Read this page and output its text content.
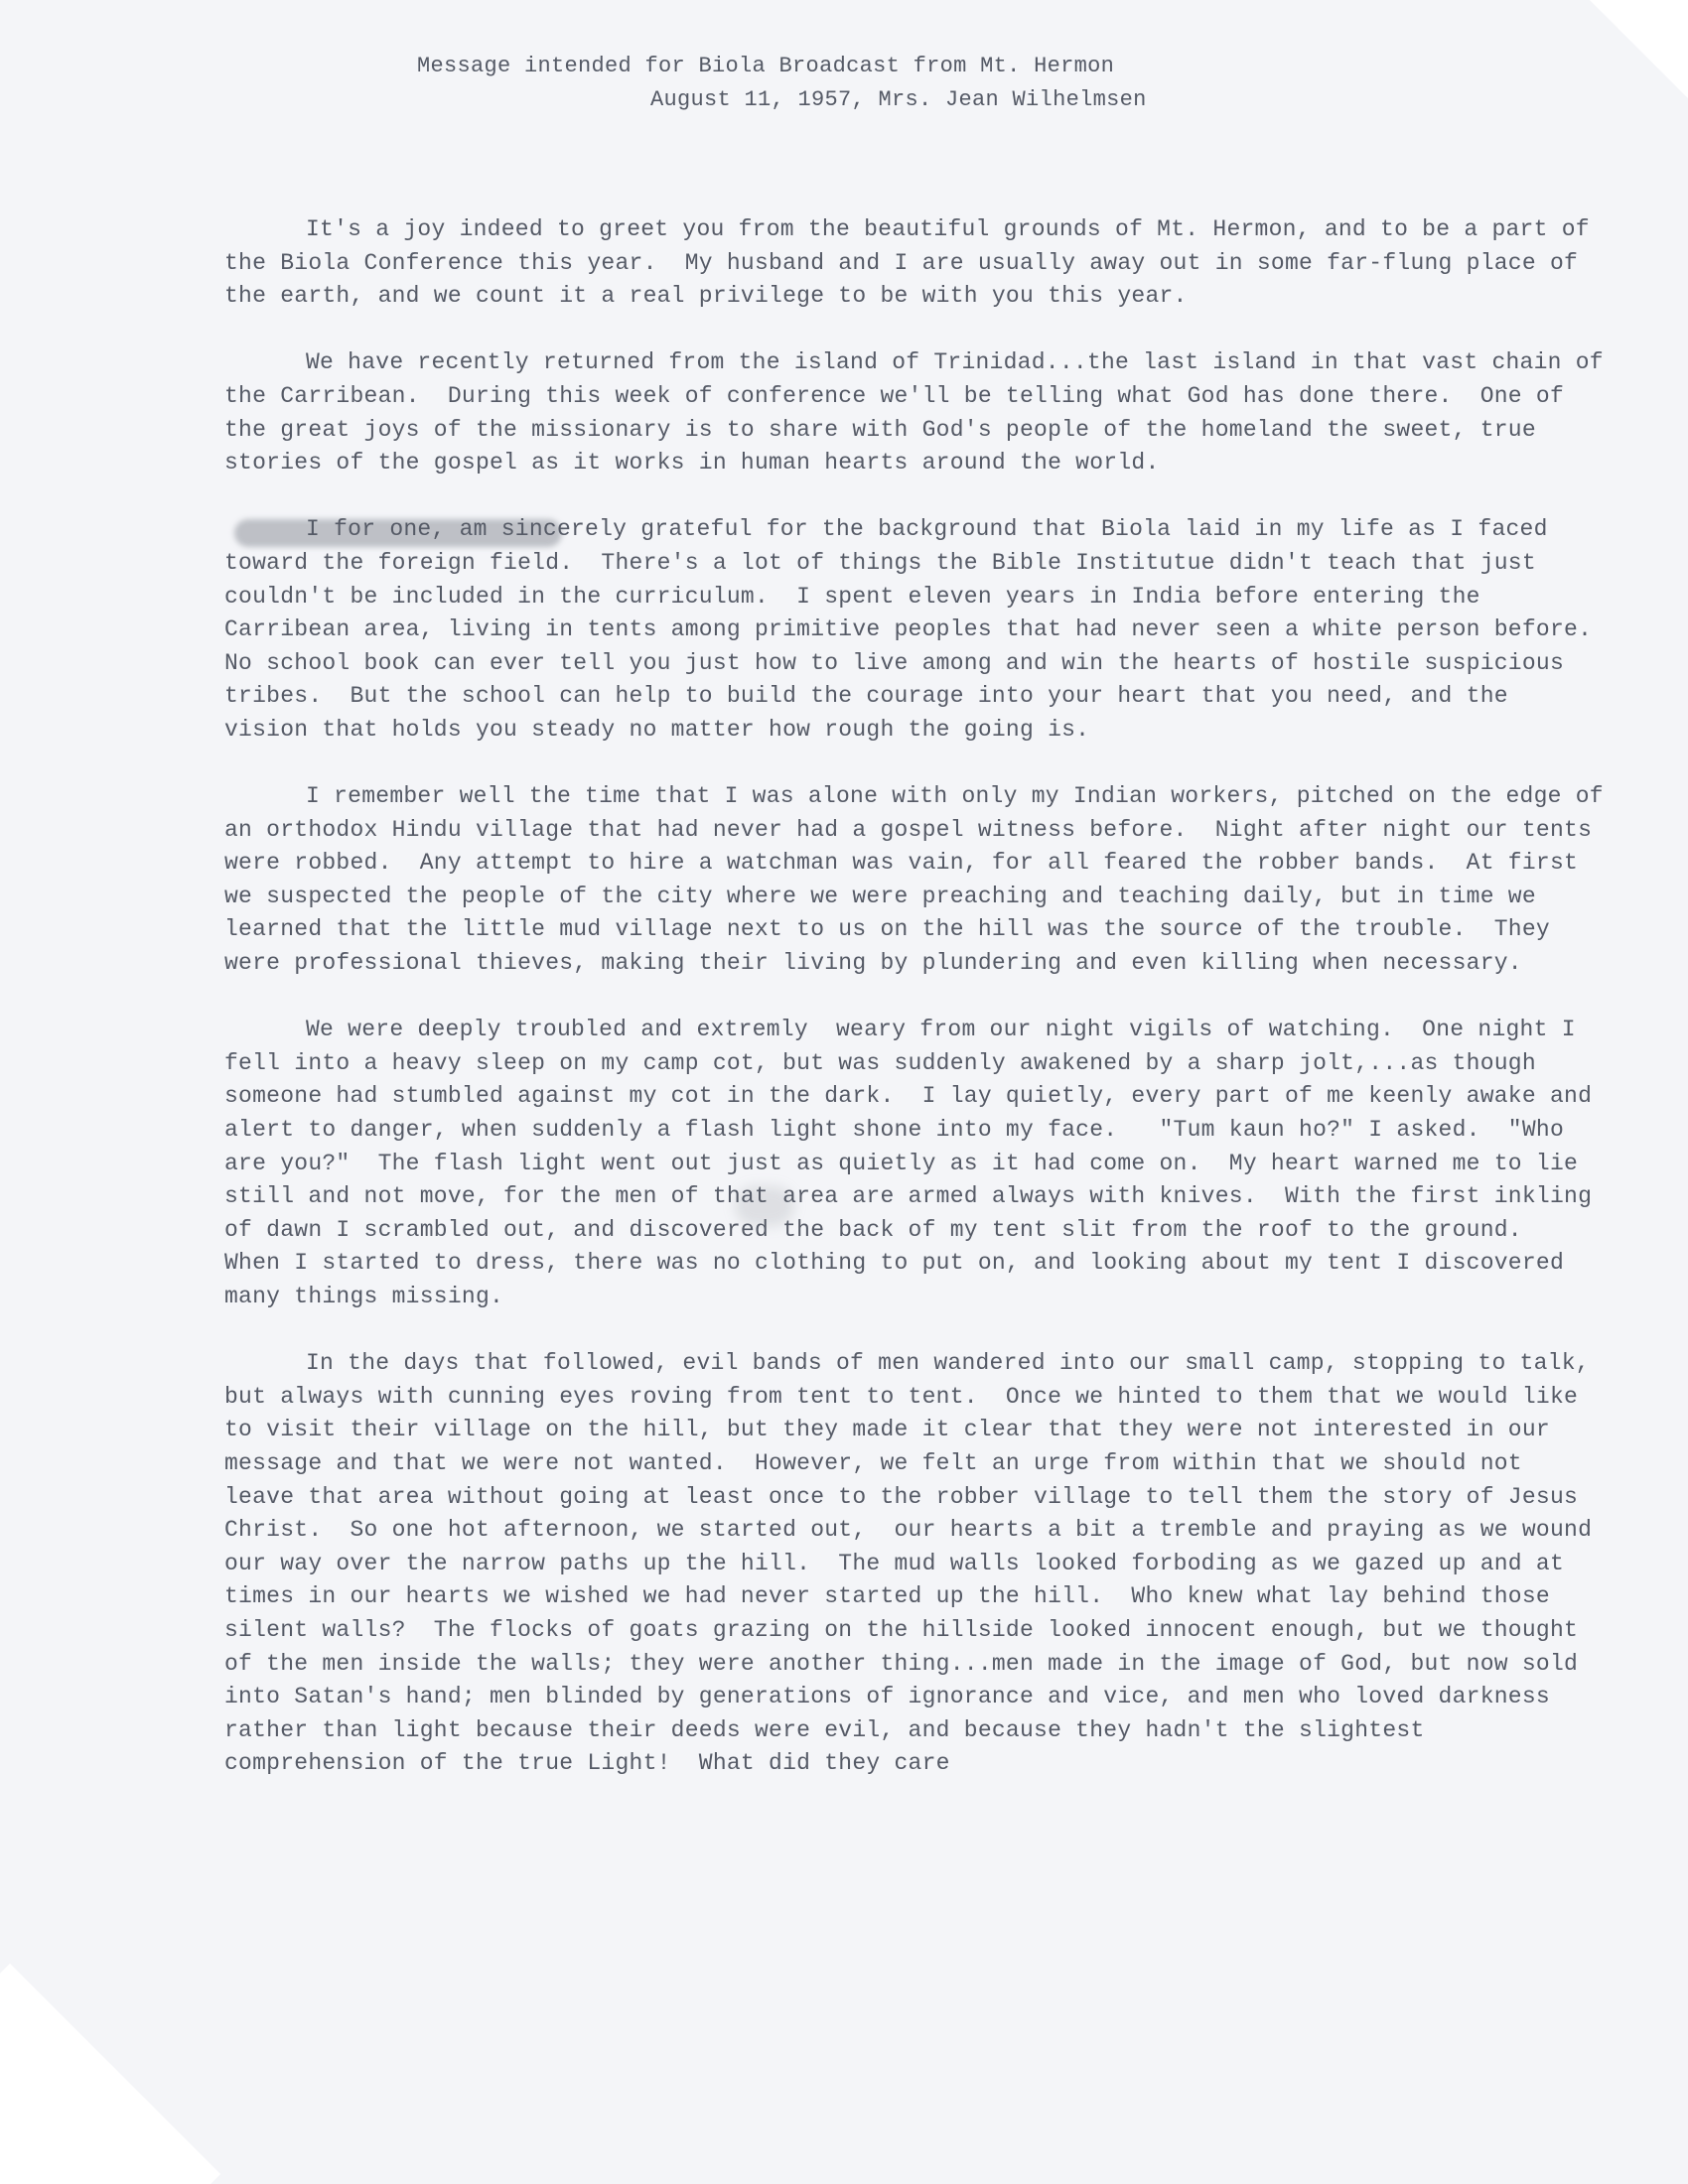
Message intended for Biola Broadcast from Mt. Hermon
August 11, 1957, Mrs. Jean Wilhelmsen

It's a joy indeed to greet you from the beautiful grounds of Mt. Hermon, and to be a part of the Biola Conference this year.  My husband and I are usually away out in some far-flung place of the earth, and we count it a real privilege to be with you this year.

We have recently returned from the island of Trinidad...the last island in that vast chain of the Carribean.  During this week of conference we'll be telling what God has done there.  One of the great joys of the missionary is to share with God's people of the homeland the sweet, true stories of the gospel as it works in human hearts around the world.

I for one, am sincerely grateful for the background that Biola laid in my life as I faced toward the foreign field.  There's a lot of things the Bible Institutue didn't teach that just couldn't be included in the curriculum.  I spent eleven years in India before entering the Carribean area, living in tents among primitive peoples that had never seen a white person before.  No school book can ever tell you just how to live among and win the hearts of hostile suspicious tribes.  But the school can help to build the courage into your heart that you need, and the vision that holds you steady no matter how rough the going is.

I remember well the time that I was alone with only my Indian workers, pitched on the edge of an orthodox Hindu village that had never had a gospel witness before.  Night after night our tents were robbed.  Any attempt to hire a watchman was vain, for all feared the robber bands.  At first we suspected the people of the city where we were preaching and teaching daily, but in time we learned that the little mud village next to us on the hill was the source of the trouble.  They were professional thieves, making their living by plundering and even killing when necessary.

We were deeply troubled and extremly  weary from our night vigils of watching.  One night I fell into a heavy sleep on my camp cot, but was suddenly awakened by a sharp jolt,...as though someone had stumbled against my cot in the dark.  I lay quietly, every part of me keenly awake and alert to danger, when suddenly a flash light shone into my face.   "Tum kaun ho?" I asked.  "Who are you?"  The flash light went out just as quietly as it had come on.  My heart warned me to lie still and not move, for the men of that area are armed always with knives.  With the first inkling of dawn I scrambled out, and discovered the back of my tent slit from the roof to the ground.  When I started to dress, there was no clothing to put on, and looking about my tent I discovered many things missing.

In the days that followed, evil bands of men wandered into our small camp, stopping to talk, but always with cunning eyes roving from tent to tent.  Once we hinted to them that we would like to visit their village on the hill, but they made it clear that they were not interested in our message and that we were not wanted.  However, we felt an urge from within that we should not leave that area without going at least once to the robber village to tell them the story of Jesus Christ.  So one hot afternoon, we started out,  our hearts a bit a tremble and praying as we wound our way over the narrow paths up the hill.  The mud walls looked forboding as we gazed up and at times in our hearts we wished we had never started up the hill.  Who knew what lay behind those silent walls?  The flocks of goats grazing on the hillside looked innocent enough, but we thought of the men inside the walls; they were another thing...men made in the image of God, but now sold into Satan's hand; men blinded by generations of ignorance and vice, and men who loved darkness rather than light because their deeds were evil, and because they hadn't the slightest comprehension of the true Light!  What did they care
